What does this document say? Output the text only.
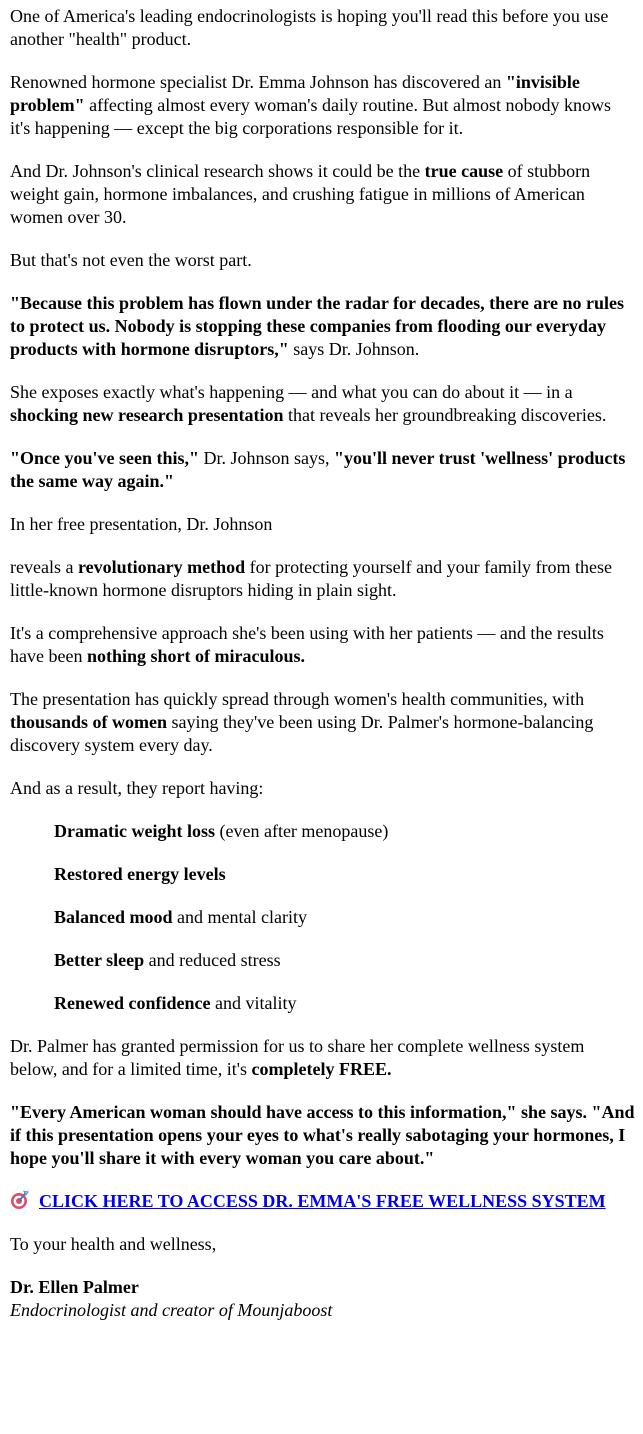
One of America's leading endocrinologists is hoping you'll read this before you use another "health" product.

Renowned hormone specialist Dr. Emma Johnson has discovered an "invisible problem" affecting almost every woman's daily routine. But almost nobody knows it's happening — except the big corporations responsible for it.

And Dr. Johnson's clinical research shows it could be the true cause of stubborn weight gain, hormone imbalances, and crushing fatigue in millions of American women over 30.

But that's not even the worst part.

"Because this problem has flown under the radar for decades, there are no rules to protect us. Nobody is stopping these companies from flooding our everyday products with hormone disruptors," says Dr. Johnson.

She exposes exactly what's happening — and what you can do about it — in a shocking new research presentation that reveals her groundbreaking discoveries.

"Once you've seen this," Dr. Johnson says, "you'll never trust 'wellness' products the same way again."

In her free presentation, Dr. Johnson

reveals a revolutionary method for protecting yourself and your family from these little-known hormone disruptors hiding in plain sight.

It's a comprehensive approach she's been using with her patients — and the results have been nothing short of miraculous.

The presentation has quickly spread through women's health communities, with thousands of women saying they've been using Dr. Palmer's hormone-balancing discovery system every day.

And as a result, they report having:

Dramatic weight loss (even after menopause)

Restored energy levels

Balanced mood and mental clarity

Better sleep and reduced stress

Renewed confidence and vitality

Dr. Palmer has granted permission for us to share her complete wellness system below, and for a limited time, it's completely FREE.

"Every American woman should have access to this information," she says. "And if this presentation opens your eyes to what's really sabotaging your hormones, I hope you'll share it with every woman you care about."

CLICK HERE TO ACCESS DR. EMMA'S FREE WELLNESS SYSTEM

To your health and wellness,

Dr. Ellen Palmer
Endocrinologist and creator of Mounjaboost
